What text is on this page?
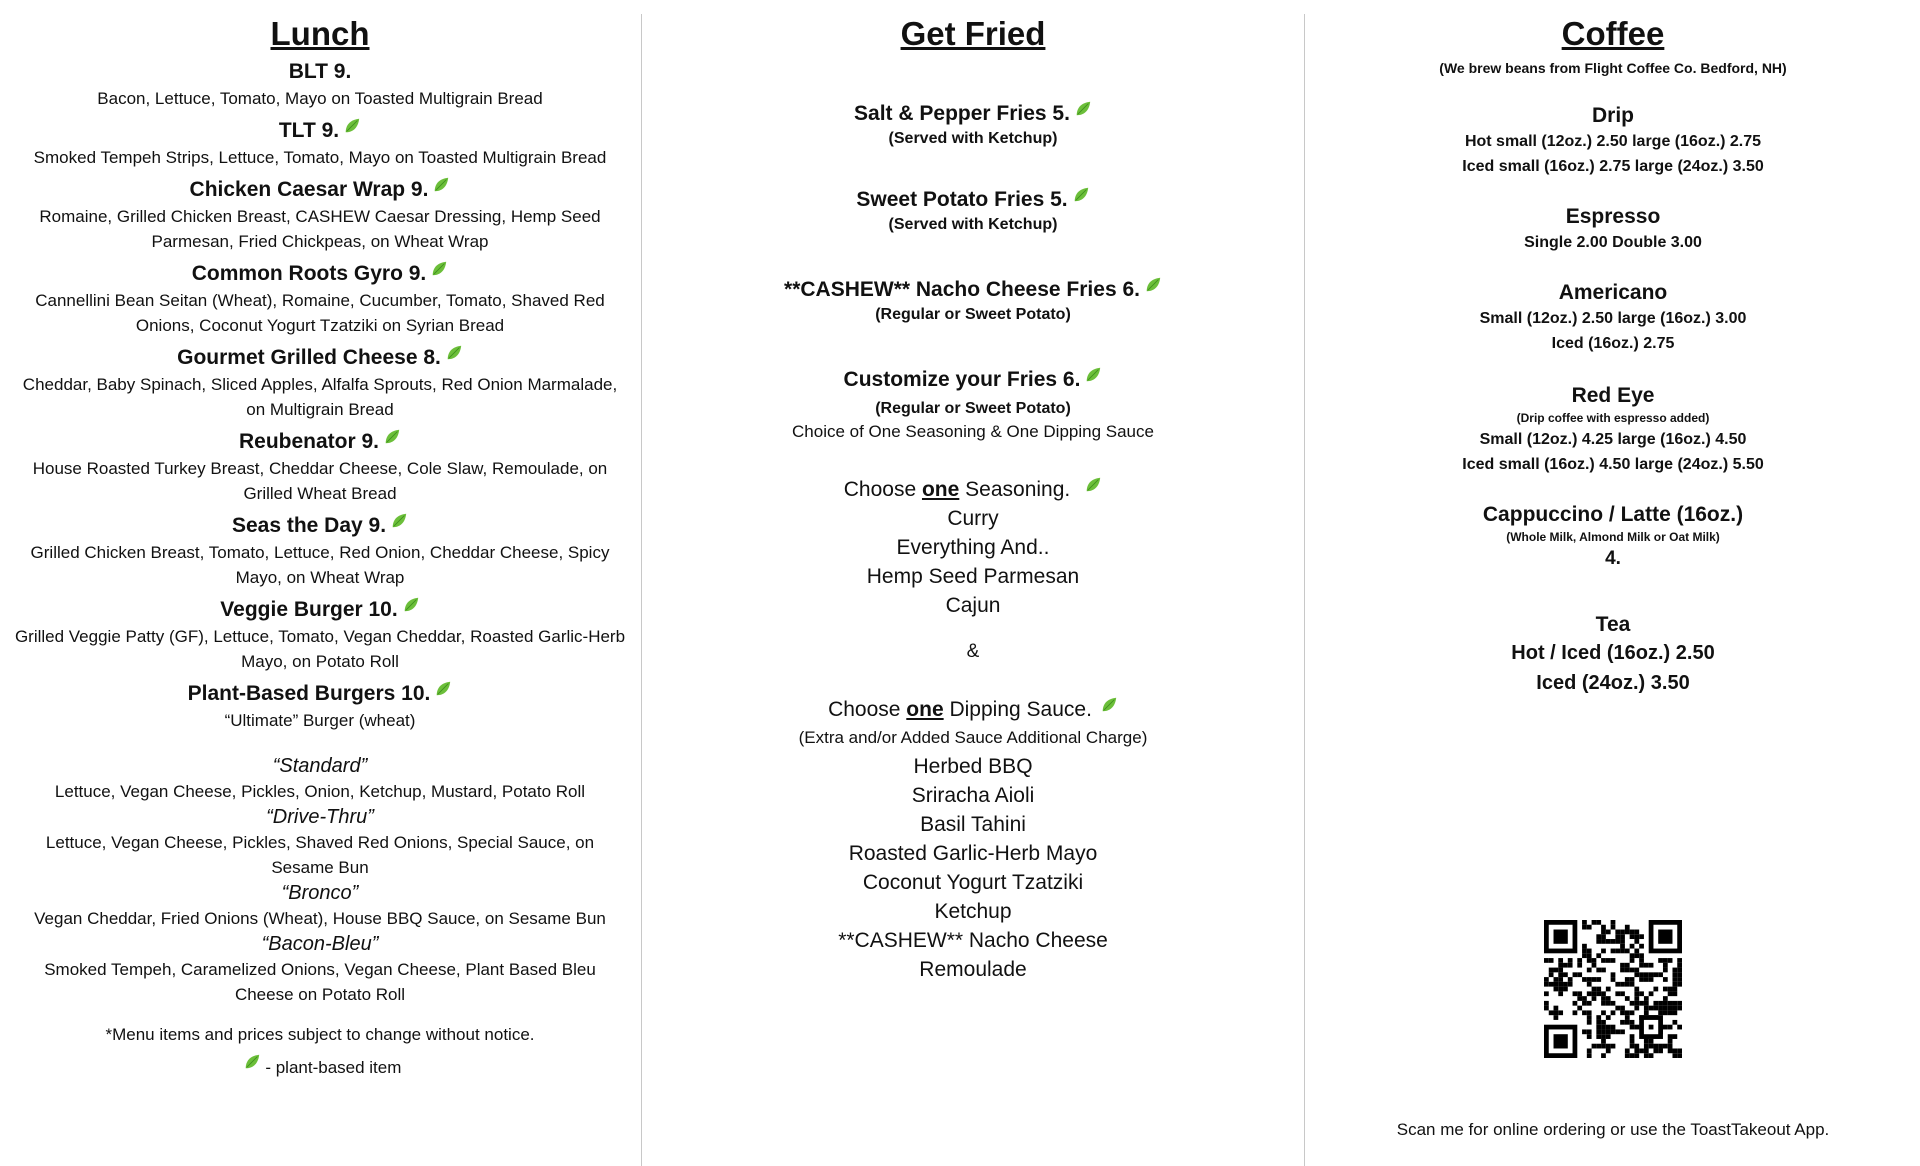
Lunch
BLT 9.
Bacon, Lettuce, Tomato, Mayo on Toasted Multigrain Bread
TLT 9.
Smoked Tempeh Strips, Lettuce, Tomato, Mayo on Toasted Multigrain Bread
Chicken Caesar Wrap 9.
Romaine, Grilled Chicken Breast, CASHEW Caesar Dressing, Hemp Seed Parmesan, Fried Chickpeas, on Wheat Wrap
Common Roots Gyro 9.
Cannellini Bean Seitan (Wheat), Romaine, Cucumber, Tomato, Shaved Red Onions, Coconut Yogurt Tzatziki on Syrian Bread
Gourmet Grilled Cheese 8.
Cheddar, Baby Spinach, Sliced Apples, Alfalfa Sprouts, Red Onion Marmalade, on Multigrain Bread
Reubenator 9.
House Roasted Turkey Breast, Cheddar Cheese, Cole Slaw, Remoulade, on Grilled Wheat Bread
Seas the Day 9.
Grilled Chicken Breast, Tomato, Lettuce, Red Onion, Cheddar Cheese, Spicy Mayo, on Wheat Wrap
Veggie Burger 10.
Grilled Veggie Patty (GF), Lettuce, Tomato, Vegan Cheddar, Roasted Garlic-Herb Mayo, on Potato Roll
Plant-Based Burgers 10.
“Ultimate” Burger (wheat)
“Standard”
Lettuce, Vegan Cheese, Pickles, Onion, Ketchup, Mustard, Potato Roll
“Drive-Thru”
Lettuce, Vegan Cheese, Pickles, Shaved Red Onions, Special Sauce, on Sesame Bun
“Bronco”
Vegan Cheddar, Fried Onions (Wheat), House BBQ Sauce, on Sesame Bun
“Bacon-Bleu”
Smoked Tempeh, Caramelized Onions, Vegan Cheese, Plant Based Bleu Cheese on Potato Roll
*Menu items and prices subject to change without notice.
- plant-based item
Get Fried
Salt & Pepper Fries 5.
(Served with Ketchup)
Sweet Potato Fries 5.
(Served with Ketchup)
**CASHEW** Nacho Cheese Fries 6.
(Regular or Sweet Potato)
Customize your Fries 6.
(Regular or Sweet Potato)
Choice of One Seasoning & One Dipping Sauce
Choose one Seasoning.
Curry
Everything And..
Hemp Seed Parmesan
Cajun
&
Choose one Dipping Sauce.
(Extra and/or Added Sauce Additional Charge)
Herbed BBQ
Sriracha Aioli
Basil Tahini
Roasted Garlic-Herb Mayo
Coconut Yogurt Tzatziki
Ketchup
**CASHEW** Nacho Cheese
Remoulade
Coffee
(We brew beans from Flight Coffee Co. Bedford, NH)
Drip
Hot small (12oz.) 2.50 large (16oz.) 2.75
Iced small (16oz.) 2.75 large (24oz.) 3.50
Espresso
Single 2.00 Double 3.00
Americano
Small (12oz.) 2.50 large (16oz.) 3.00
Iced (16oz.) 2.75
Red Eye
(Drip coffee with espresso added)
Small (12oz.) 4.25 large (16oz.) 4.50
Iced small (16oz.) 4.50 large (24oz.) 5.50
Cappuccino / Latte (16oz.)
(Whole Milk, Almond Milk or Oat Milk)
4.
Tea
Hot / Iced (16oz.) 2.50
Iced (24oz.) 3.50
Scan me for online ordering or use the ToastTakeout App.
